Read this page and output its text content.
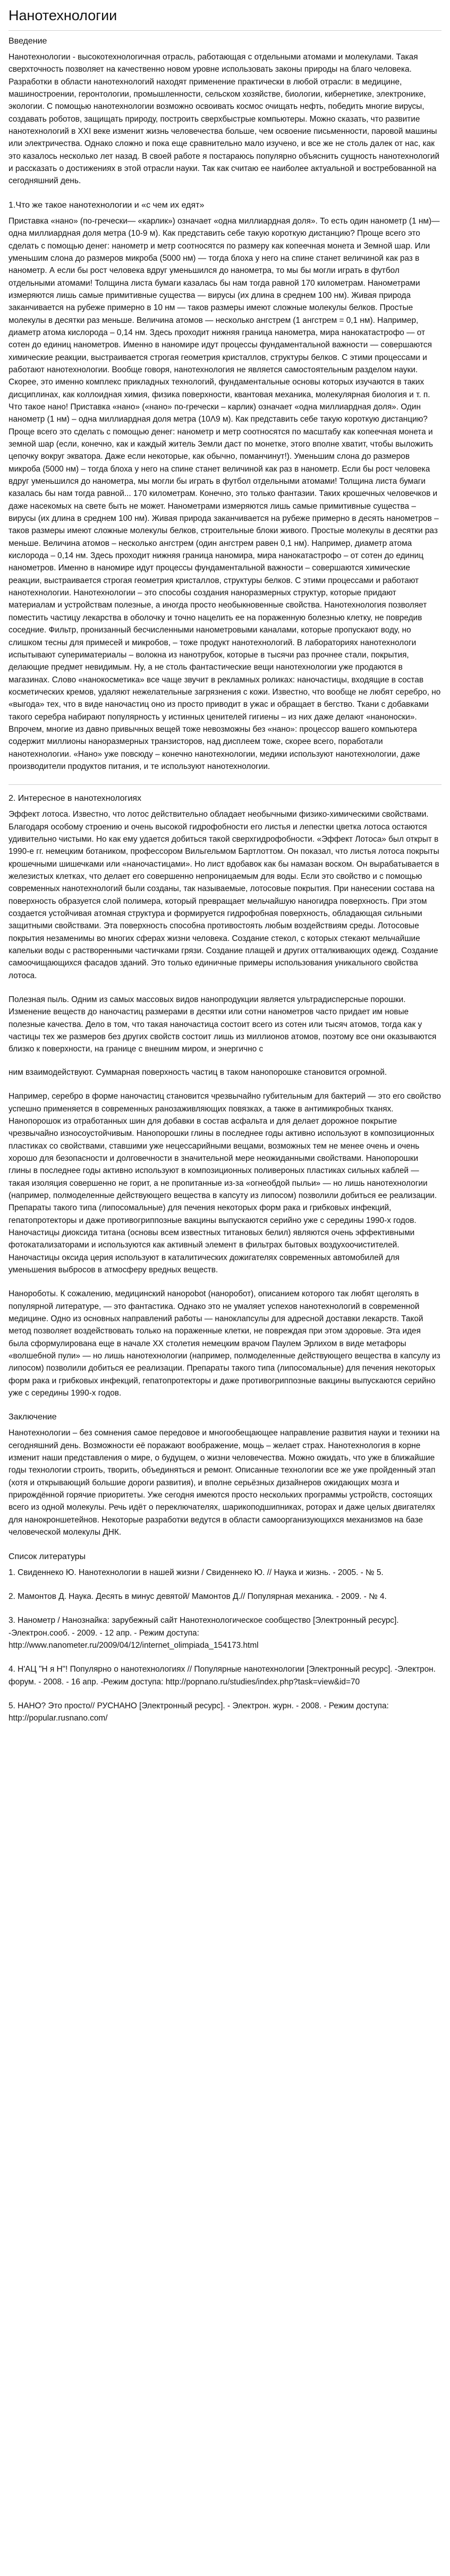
Нанотехнологии
Введение

Нанотехнологии - высокотехнологичная отрасль, работающая с отдельными атомами и молекулами. Такая сверхточность позволяет на качественно новом уровне использовать законы природы на благо человека. Разработки в области нанотехнологий находят применение практически в любой отрасли: в медицине, машиностроении, геронтологии, промышленности, сельском хозяйстве, биологии, кибернетике, электронике, экологии. С помощью нанотехнологии возможно освоивать космос очищать нефть, победить многие вирусы, создавать роботов, защищать природу, построить сверхбыстрые компьютеры. Можно сказать, что развитие нанотехнологий в XXI веке изменит жизнь человечества больше, чем освоение письменности, паровой машины или электричества. Однако сложно и пока еще сравнительно мало изучено, и все же не столь далек от нас, как это казалось несколько лет назад. В своей работе я постараюсь популярно объяснить сущность нанотехнологий и рассказать о достижениях в этой отрасли науки. Так как считаю ее наиболее актуальной и востребованной на сегодняшний день.

1.Что же такое нанотехнологии и «с чем их едят»

Приставка «нано» (по-гречески— «карлик») означает «одна миллиардная доля». То есть один нанометр (1 нм)— одна миллиардная доля метра (10-9 м). Как представить себе такую короткую дистанцию? Проще всего это сделать с помощью денег: нанометр и метр соотносятся по размеру как копеечная монета и Земной шар. Или уменьшим слона до размеров микроба (5000 нм) — тогда блоха у него на спине станет величиной как раз в нанометр. А если бы рост человека вдруг уменьшился до нанометра, то мы бы могли играть в футбол отдельными атомами! Толщина листа бумаги казалась бы нам тогда равной 170 километрам. Нанометрами измеряются лишь самые примитивные существа — вирусы (их длина в среднем 100 нм). Живая природа заканчивается на рубеже примерно в 10 нм — таков размеры имеют сложные молекулы белков. Простые молекулы в десятки раз меньше. Величина атомов — несколько ангстрем (1 ангстрем = 0,1 нм). Например, диаметр атома кислорода – 0,14 нм. Здесь проходит нижняя граница нанометра, мира нанокатастрофо — от сотен до единиц нанометров. Именно в наномире идут процессы фундаментальной важности — совершаются химические реакции, выстраивается строгая геометрия кристаллов, структуры белков. С этими процессами и работают нанотехнологии. Вообще говоря, нанотехнология не является самостоятельным разделом науки. Скорее, это именно комплекс прикладных технологий, фундаментальные основы которых изучаются в таких дисциплинах, как коллоидная химия, физика поверхности, квантовая механика, молекулярная биология и т. п. Что такое нано! Приставка «нано» («нано» по-гречески – карлик) означает «одна миллиардная доля». Один нанометр (1 нм) – одна миллиардная доля метра (10Λ9 м). Как представить себе такую короткую дистанцию? Проще всего это сделать с помощью денег: нанометр и метр соотносятся по масштабу как копеечная монета и земной шар (если, конечно, как и каждый житель Земли даст по монетке, этого вполне хватит, чтобы выложить цепочку вокруг экватора. Даже если некоторые, как обычно, поманчинут!). Уменьшим слона до размеров микроба (5000 нм) – тогда блоха у него на спине станет величиной как раз в нанометр. Если бы рост человека вдруг уменьшился до нанометра, мы могли бы играть в футбол отдельными атомами! Толщина листа бумаги казалась бы нам тогда равной... 170 километрам. Конечно, это только фантазии. Таких крошечных человечков и даже насекомых на свете быть не может. Нанометрами измеряются лишь самые примитивные существа – вирусы (их длина в среднем 100 нм). Живая природа заканчивается на рубеже примерно в десять нанометров – таков размеры имеют сложные молекулы белков, строительные блоки живого. Простые молекулы в десятки раз меньше. Величина атомов – несколько ангстрем (один ангстрем равен 0,1 нм). Например, диаметр атома кислорода – 0,14 нм. Здесь проходит нижняя граница наномира, мира нанокатастрофо – от сотен до единиц нанометров. Именно в наномире идут процессы фундаментальной важности – совершаются химические реакции, выстраивается строгая геометрия кристаллов, структуры белков. С этими процессами и работают нанотехнологии. Нанотехнологии – это способы создания наноразмерных структур, которые придают материалам и устройствам полезные, а иногда просто необыкновенные свойства. Нанотехнология позволяет поместить частицу лекарства в оболочку и точно нацелить ее на пораженную болезнью клетку, не повредив соседние. Фильтр, пронизанный бесчисленными нанометровыми каналами, которые пропускают воду, но слишком тесны для примесей и микробов, – тоже продукт нанотехнологий. В лабораториях нанотехнологи испытывают супериматериалы – волокна из нанотрубок, которые в тысячи раз прочнее стали, покрытия, делающие предмет невидимым. Ну, а не столь фантастические вещи нанотехнологии уже продаются в магазинах. Слово «нанокосметика» все чаще звучит в рекламных роликах: наночастицы, входящие в состав косметических кремов, удаляют нежелательные загрязнения с кожи. Известно, что вообще не любят серебро, но «выгода» тех, что в виде наночастиц оно из просто приводит в ужас и обращает в бегство. Ткани с добавками такого серебра набирают популярность у истинных ценителей гигиены – из них даже делают «наноноски». Впрочем, многие из давно привычных вещей тоже невозможны без «нано»: процессор вашего компьютера содержит миллионы наноразмерных транзисторов, над дисплеем тоже, скорее всего, поработали нанотехнологии. «Нано» уже повсюду – конечно нанотехнологии, медики используют нанотехнологии, даже производители продуктов питания, и те используют нанотехнологии.

2. Интересное в нанотехнологиях

Эффект лотоса. Известно, что лотос действительно обладает необычными физико-химическими свойствами. Благодаря особому строению и очень высокой гидрофобности его листья и лепестки цветка лотоса остаются удивительно чистыми. Но как ему удается добиться такой сверхгидрофобности. «Эффект Лотоса» был открыт в 1990-е гг. немецким ботаником, профессором Вильгельмом Бартлоттом. Он показал, что листья лотоса покрыты крошечными шишечками или «наночастицами». Но лист вдобавок как бы намазан воском. Он вырабатывается в железистых клетках, что делает его совершенно непроницаемым для воды. Если это свойство и с помощью современных нанотехнологий были созданы, так называемые, лотосовые покрытия. При нанесении состава на поверхность образуется слой полимера, который превращает мельчайшую наногидра поверхность. При этом создается устойчивая атомная структура и формируется гидрофобная поверхность, обладающая сильными защитными свойствами. Эта поверхность способна противостоять любым воздействиям среды. Лотосовые покрытия незаменимы во многих сферах жизни человека. Создание стекол, с которых стекают мельчайшие капельки воды с растворенными частичками грязи. Создание плащей и других отталкивающих одежд. Создание самоочищающихся фасадов зданий. Это только единичные примеры использования уникального свойства лотоса.

Полезная пыль. Одним из самых массовых видов нанопродукции является ультрадисперсные порошки. Изменение веществ до наночастиц размерами в десятки или сотни нанометров часто придает им новые полезные качества. Дело в том, что такая наночастица состоит всего из сотен или тысяч атомов, тогда как у частицы тех же размеров без других свойств состоит лишь из миллионов атомов, поэтому все они оказываются близко к поверхности, на границе с внешним миром, и энергично с

ним взаимодействуют. Суммарная поверхность частиц в таком нанопорошке становится огромной.

Например, серебро в форме наночастиц становится чрезвычайно губительным для бактерий — это его свойство успешно применяется в современных ранозаживляющих повязках, а также в антимикробных тканях. Нанопорошок из отработанных шин для добавки в состав асфальта и для делает дорожное покрытие чрезвычайно износоустойчивым. Нанопорошки глины в последнее годы активно используют в композиционных пластиках со свойствами, ставшими уже нецессарийными вещами, возможных тем не менее очень и очень хорошо для безопасности и долговечности в значительной мере неожиданными свойствами. Нанопорошки глины в последнее годы активно используют в композиционных поливероных пластиках сильных каблей — такая изоляция совершенно не горит, а не пропитанные из-за «огнеобдой пыльи» — но лишь нанотехнологии (например, полмоделенные действующего вещества в капсуту из липосом) позволили добиться ее реализации. Препараты такого типа (липосомальные) для печения некоторых форм рака и грибковых инфекций, гепатопротекторы и даже противогриппозные вакцины выпускаются серийно уже с середины 1990-х годов. Наночастицы диоксида титана (основы всем известных титановых белил) являются очень эффективными фотокатализаторами и используются как активный элемент в фильтрах бытовых воздухоочистителей. Наночастицы оксида церия используют в каталитических дожигателях современных автомобилей для уменьшения выбросов в атмосферу вредных веществ.

Нанороботы. К сожалению, медицинский нанорobot (наноробот), описанием которого так любят щеголять в популярной литературе, — это фантастика. Однако это не умаляет успехов нанотехнологий в современной медицине. Одно из основных направлений работы — наноклапсулы для адресной доставки лекарств. Такой метод позволяет воздействовать только на пораженные клетки, не повреждая при этом здоровые. Эта идея была сформулирована еще в начале XX столетия немецким врачом Паулем Эрлихом в виде метафоры «волшебной пули» — но лишь нанотехнологии (например, полмоделенные действующего вещества в капсулу из липосом) позволили добиться ее реализации. Препараты такого типа (липосомальные) для печения некоторых форм рака и грибковых инфекций, гепатопротекторы и даже противогриппозные вакцины выпускаются серийно уже с середины 1990-х годов.

Заключение

Нанотехнологии – без сомнения самое передовое и многообещающее направление развития науки и техники на сегодняшний день. Возможности её поражают воображение, мощь – желает страх. Нанотехнология в корне изменит наши представления о мире, о будущем, о жизни человечества. Можно ожидать, что уже в ближайшие годы технологии строить, творить, объединяться и ремонт. Описанные технологии все же уже пройденный этап (хотя и открывающий большие дороги развития), и вполне серьёзных дизайнеров ожидающих мозга и прирождённой горячие приоритеты. Уже сегодня имеются просто нескольких программы устройств, состоящих всего из одной молекулы. Речь идёт о переключателях, шарикоподшипниках, роторах и даже целых двигателях для нанокроншетейнов. Некоторые разработки ведутся в области самоорганизующихся механизмов на базе человеческой молекулы ДНК.

Список литературы

1. Свиденнеко Ю. Нанотехнологии в нашей жизни / Свиденнеко Ю. // Наука и жизнь. - 2005. - № 5.

2. Мамонтов Д. Наука. Десять в минус девятой/ Мамонтов Д.// Популярная механика. - 2009. - № 4.

3. Нанометр / Нанознайка: зарубежный сайт Нанотехнологическое сообщество [Электронный ресурс]. -Электрон.сооб. - 2009. - 12 апр. - Режим доступа: http://www.nanometer.ru/2009/04/12/internet_olimpiada_154173.html

4. Н'АЦ "Н я Н"! Популярно о нанотехнологиях // Популярные нанотехнологии [Электронный ресурс]. -Электрон. форум. - 2008. - 16 апр. -Режим доступа: http://popnano.ru/studies/index.php?task=view&id=70

5. НАНО? Это просто// РУСНАНО [Электронный ресурс]. - Электрон. журн. - 2008. - Режим доступа: http://popular.rusnano.com/
